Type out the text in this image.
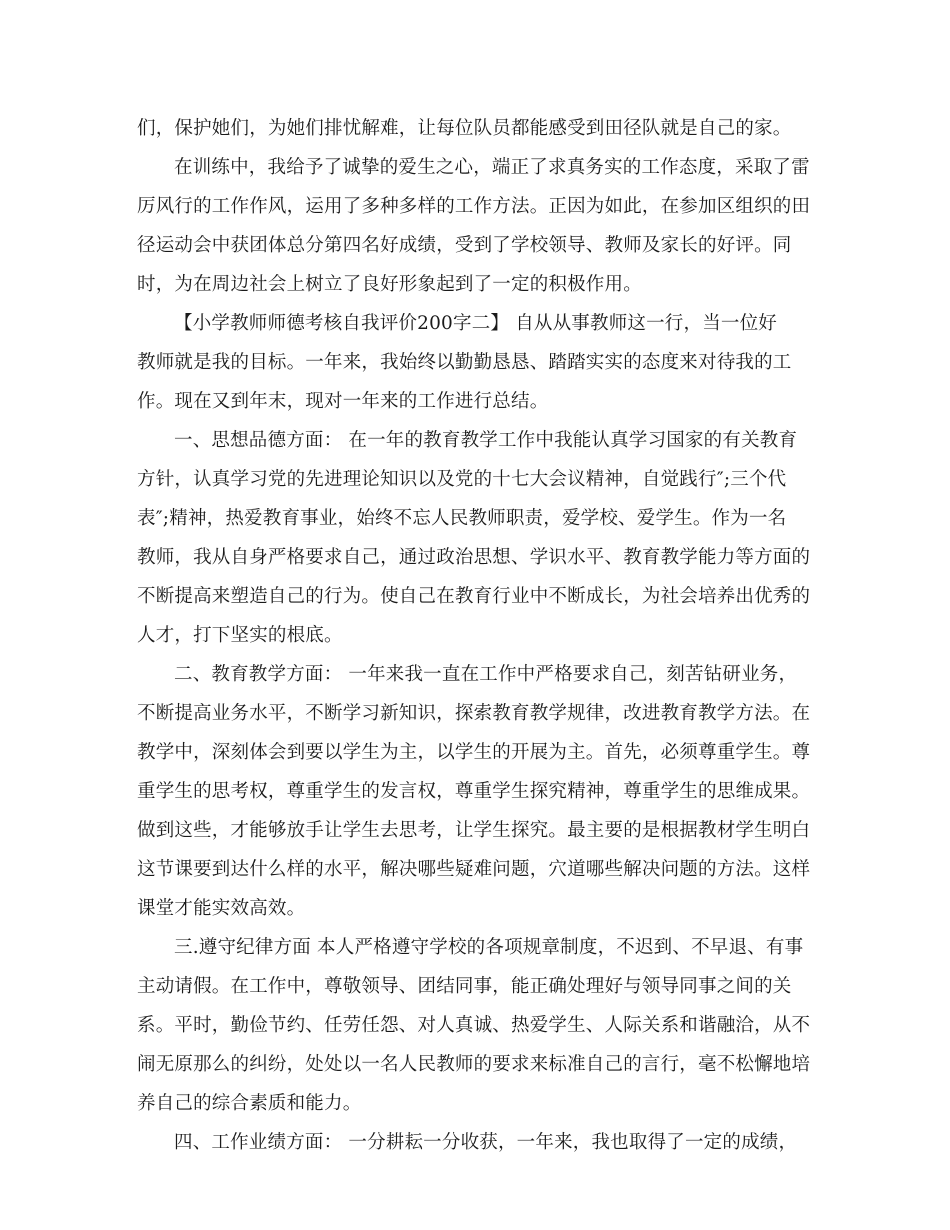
们，保护她们，为她们排忧解难，让每位队员都能感受到田径队就是自己的家。
在训练中，我给予了诚挚的爱生之心，端正了求真务实的工作态度，采取了雷
厉风行的工作作风，运用了多种多样的工作方法。正因为如此，在参加区组织的田
径运动会中获团体总分第四名好成绩，受到了学校领导、教师及家长的好评。同
时，为在周边社会上树立了良好形象起到了一定的积极作用。
【小学教师师德考核自我评价200字二】 自从从事教师这一行，当一位好
教师就是我的目标。一年来，我始终以勤勤恳恳、踏踏实实的态度来对待我的工
作。现在又到年末，现对一年来的工作进行总结。
一、思想品德方面： 在一年的教育教学工作中我能认真学习国家的有关教育
方针，认真学习党的先进理论知识以及党的十七大会议精神，自觉践行″;三个代
表″;精神，热爱教育事业，始终不忘人民教师职责，爱学校、爱学生。作为一名
教师，我从自身严格要求自己，通过政治思想、学识水平、教育教学能力等方面的
不断提高来塑造自己的行为。使自己在教育行业中不断成长，为社会培养出优秀的
人才，打下坚实的根底。
二、教育教学方面： 一年来我一直在工作中严格要求自己，刻苦钻研业务，
不断提高业务水平，不断学习新知识，探索教育教学规律，改进教育教学方法。在
教学中，深刻体会到要以学生为主，以学生的开展为主。首先，必须尊重学生。尊
重学生的思考权，尊重学生的发言权，尊重学生探究精神，尊重学生的思维成果。
做到这些，才能够放手让学生去思考，让学生探究。最主要的是根据教材学生明白
这节课要到达什么样的水平，解决哪些疑难问题，穴道哪些解决问题的方法。这样
课堂才能实效高效。
三.遵守纪律方面 本人严格遵守学校的各项规章制度，不迟到、不早退、有事
主动请假。在工作中，尊敬领导、团结同事，能正确处理好与领导同事之间的关
系。平时，勤俭节约、任劳任怨、对人真诚、热爱学生、人际关系和谐融洽，从不
闹无原那么的纠纷，处处以一名人民教师的要求来标准自己的言行，毫不松懈地培
养自己的综合素质和能力。
四、工作业绩方面： 一分耕耘一分收获，一年来，我也取得了一定的成绩，
